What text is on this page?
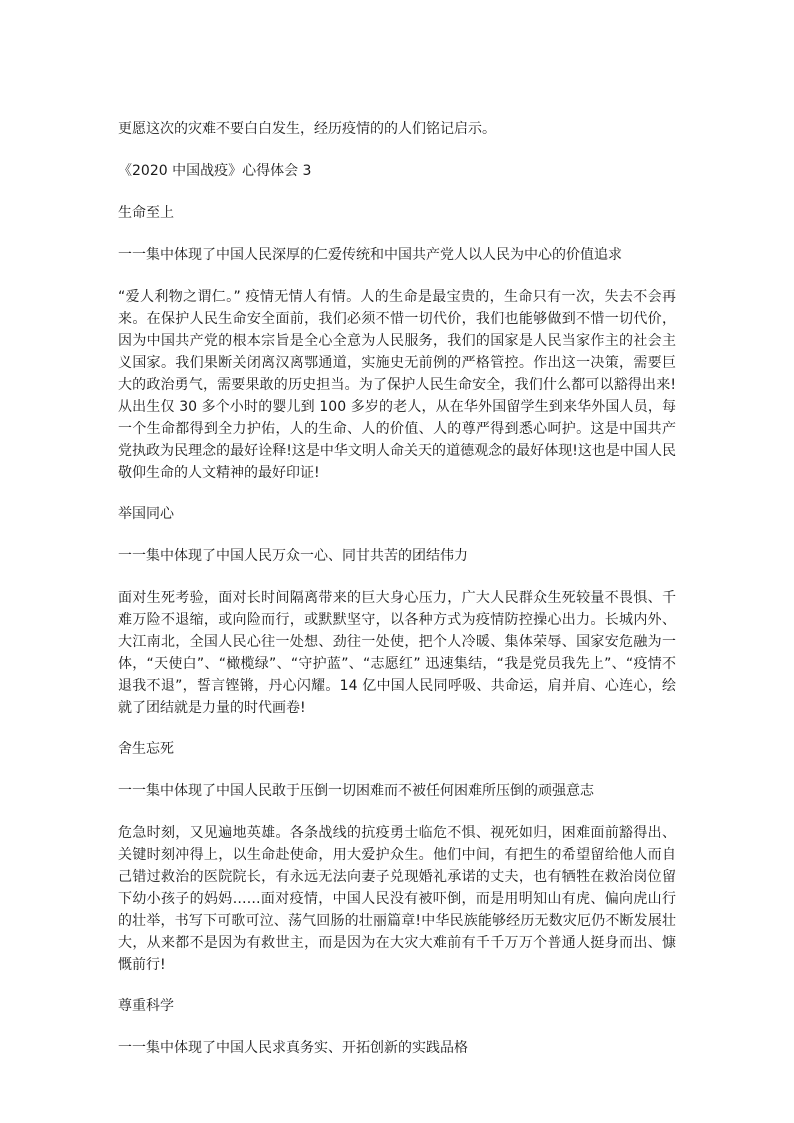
更愿这次的灾难不要白白发生，经历疫情的的人们铭记启示。

《2020 中国战疫》心得体会 3

生命至上

一一集中体现了中国人民深厚的仁爱传统和中国共产党人以人民为中心的价值追求

“爱人利物之谓仁。” 疫情无情人有情。人的生命是最宝贵的，生命只有一次，失去不会再来。在保护人民生命安全面前，我们必须不惜一切代价，我们也能够做到不惜一切代价，因为中国共产党的根本宗旨是全心全意为人民服务，我们的国家是人民当家作主的社会主义国家。我们果断关闭离汉离鄂通道，实施史无前例的严格管控。作出这一决策，需要巨大的政治勇气，需要果敢的历史担当。为了保护人民生命安全，我们什么都可以豁得出来!从出生仅 30 多个小时的婴儿到 100 多岁的老人，从在华外国留学生到来华外国人员，每一个生命都得到全力护佑，人的生命、人的价值、人的尊严得到悉心呵护。这是中国共产党执政为民理念的最好诠释!这是中华文明人命关天的道德观念的最好体现!这也是中国人民敬仰生命的人文精神的最好印证!

举国同心

一一集中体现了中国人民万众一心、同甘共苦的团结伟力

面对生死考验，面对长时间隔离带来的巨大身心压力，广大人民群众生死较量不畏惧、千难万险不退缩，或向险而行，或默默坚守，以各种方式为疫情防控操心出力。长城内外、大江南北，全国人民心往一处想、劲往一处使，把个人冷暖、集体荣辱、国家安危融为一体，“天使白”、“橄榄绿”、“守护蓝”、“志愿红” 迅速集结，“我是党员我先上”、“疫情不退我不退”，誓言铿锵，丹心闪耀。14 亿中国人民同呼吸、共命运，肩并肩、心连心，绘就了团结就是力量的时代画卷!

舍生忘死

一一集中体现了中国人民敢于压倒一切困难而不被任何困难所压倒的顽强意志

危急时刻，又见遍地英雄。各条战线的抗疫勇士临危不惧、视死如归，困难面前豁得出、关键时刻冲得上，以生命赴使命，用大爱护众生。他们中间，有把生的希望留给他人而自己错过救治的医院院长，有永远无法向妻子兑现婚礼承诺的丈夫，也有牺牲在救治岗位留下幼小孩子的妈妈……面对疫情，中国人民没有被吓倒，而是用明知山有虎、偏向虎山行的壮举，书写下可歌可泣、荡气回肠的壮丽篇章!中华民族能够经历无数灾厄仍不断发展壮大，从来都不是因为有救世主，而是因为在大灾大难前有千千万万个普通人挺身而出、慷慨前行!

尊重科学

一一集中体现了中国人民求真务实、开拓创新的实践品格
